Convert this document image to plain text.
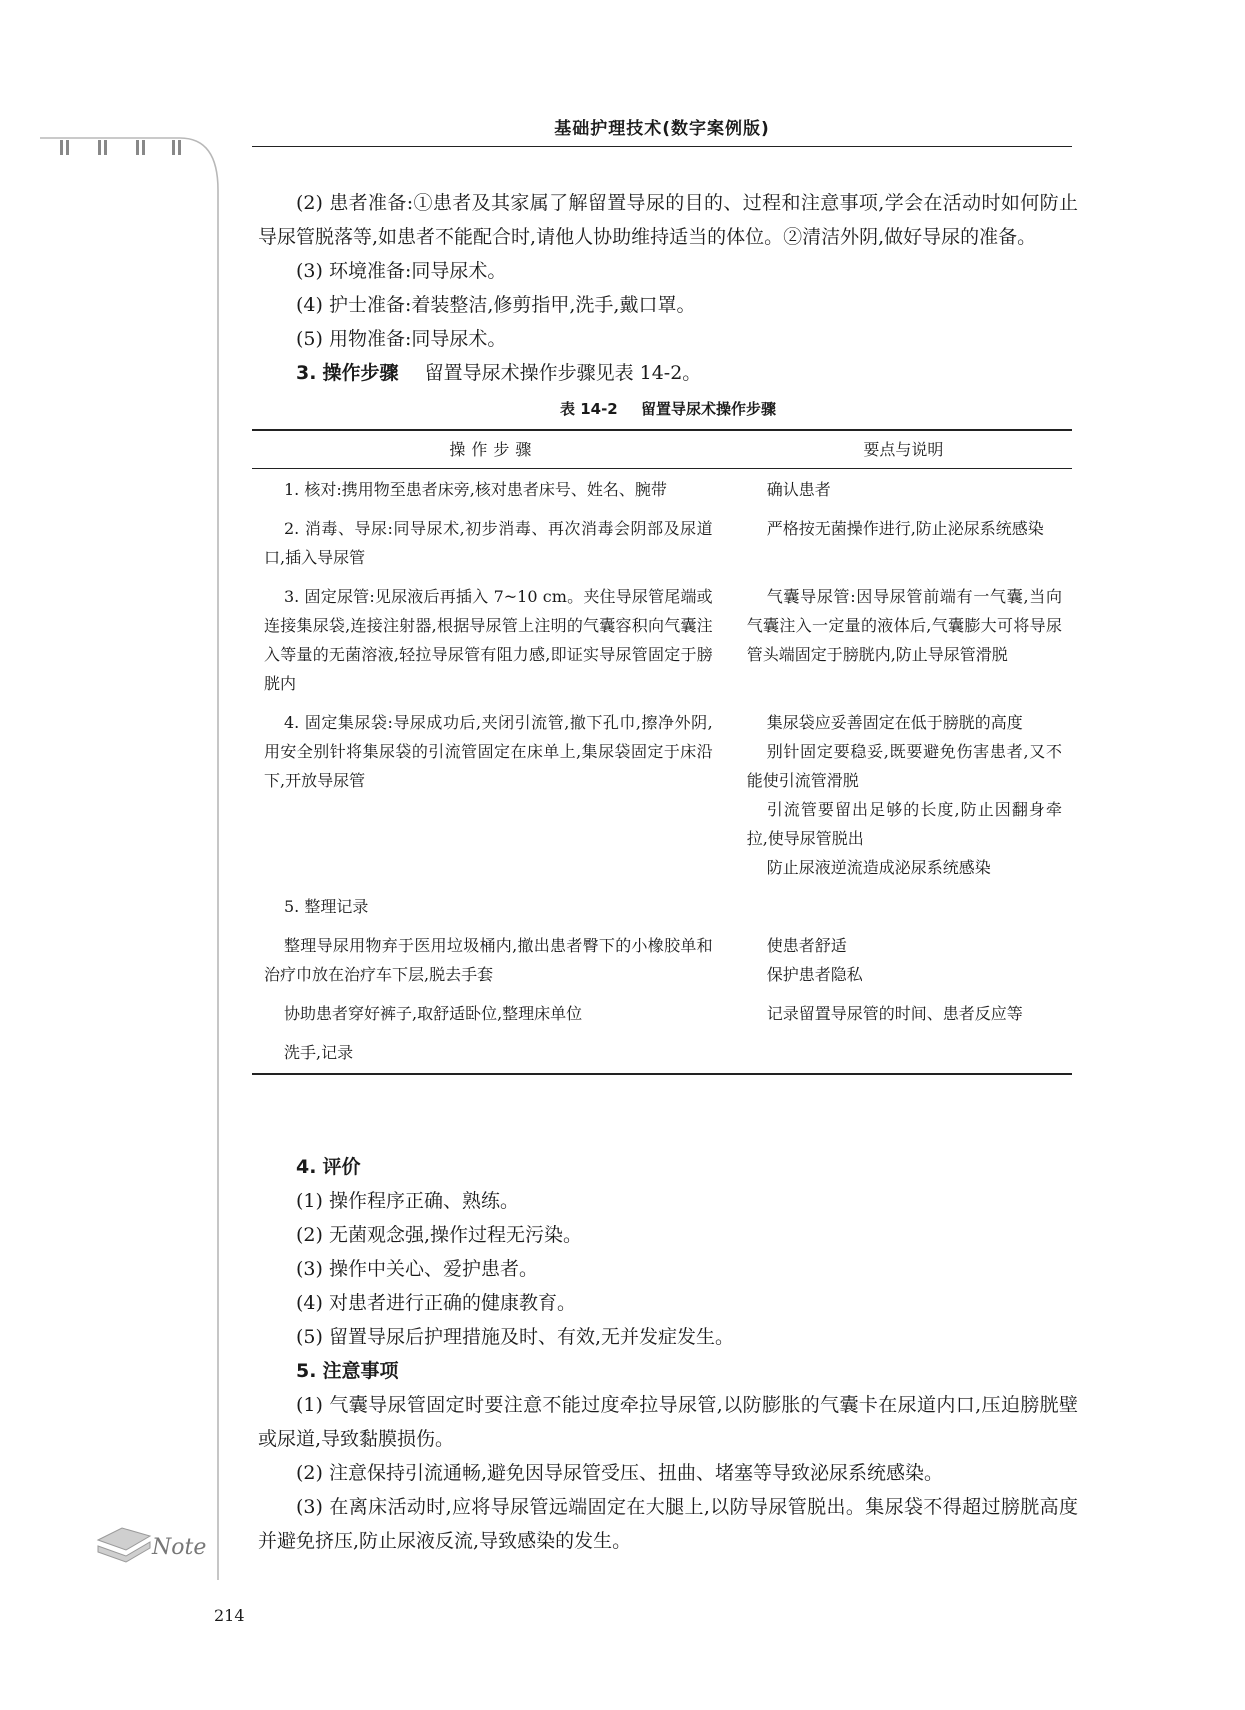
Note
基础护理技术(数字案例版)

(2) 患者准备:①患者及其家属了解留置导尿的目的、过程和注意事项,学会在活动时如何防止导尿管脱落等,如患者不能配合时,请他人协助维持适当的体位。②清洁外阴,做好导尿的准备。

(3) 环境准备:同导尿术。

(4) 护士准备:着装整洁,修剪指甲,洗手,戴口罩。

(5) 用物准备:同导尿术。

3. 操作步骤 留置导尿术操作步骤见表 14-2。

表 14-2 留置导尿术操作步骤
操作步骤	要点与说明
1. 核对:携用物至患者床旁,核对患者床号、姓名、腕带	确认患者
2. 消毒、导尿:同导尿术,初步消毒、再次消毒会阴部及尿道口,插入导尿管	严格按无菌操作进行,防止泌尿系统感染
3. 固定尿管:见尿液后再插入 7~10 cm。夹住导尿管尾端或连接集尿袋,连接注射器,根据导尿管上注明的气囊容积向气囊注入等量的无菌溶液,轻拉导尿管有阻力感,即证实导尿管固定于膀胱内	气囊导尿管:因导尿管前端有一气囊,当向气囊注入一定量的液体后,气囊膨大可将导尿管头端固定于膀胱内,防止导尿管滑脱
4. 固定集尿袋:导尿成功后,夹闭引流管,撤下孔巾,擦净外阴,用安全别针将集尿袋的引流管固定在床单上,集尿袋固定于床沿下,开放导尿管	集尿袋应妥善固定在低于膀胱的高度
别针固定要稳妥,既要避免伤害患者,又不能使引流管滑脱
引流管要留出足够的长度,防止因翻身牵拉,使导尿管脱出
防止尿液逆流造成泌尿系统感染

5. 整理记录	
整理导尿用物弃于医用垃圾桶内,撤出患者臀下的小橡胶单和治疗巾放在治疗车下层,脱去手套	使患者舒适
保护患者隐私

协助患者穿好裤子,取舒适卧位,整理床单位	记录留置导尿管的时间、患者反应等
洗手,记录	

4. 评价

(1) 操作程序正确、熟练。

(2) 无菌观念强,操作过程无污染。

(3) 操作中关心、爱护患者。

(4) 对患者进行正确的健康教育。

(5) 留置导尿后护理措施及时、有效,无并发症发生。

5. 注意事项

(1) 气囊导尿管固定时要注意不能过度牵拉导尿管,以防膨胀的气囊卡在尿道内口,压迫膀胱壁或尿道,导致黏膜损伤。

(2) 注意保持引流通畅,避免因导尿管受压、扭曲、堵塞等导致泌尿系统感染。

(3) 在离床活动时,应将导尿管远端固定在大腿上,以防导尿管脱出。集尿袋不得超过膀胱高度并避免挤压,防止尿液反流,导致感染的发生。

214
